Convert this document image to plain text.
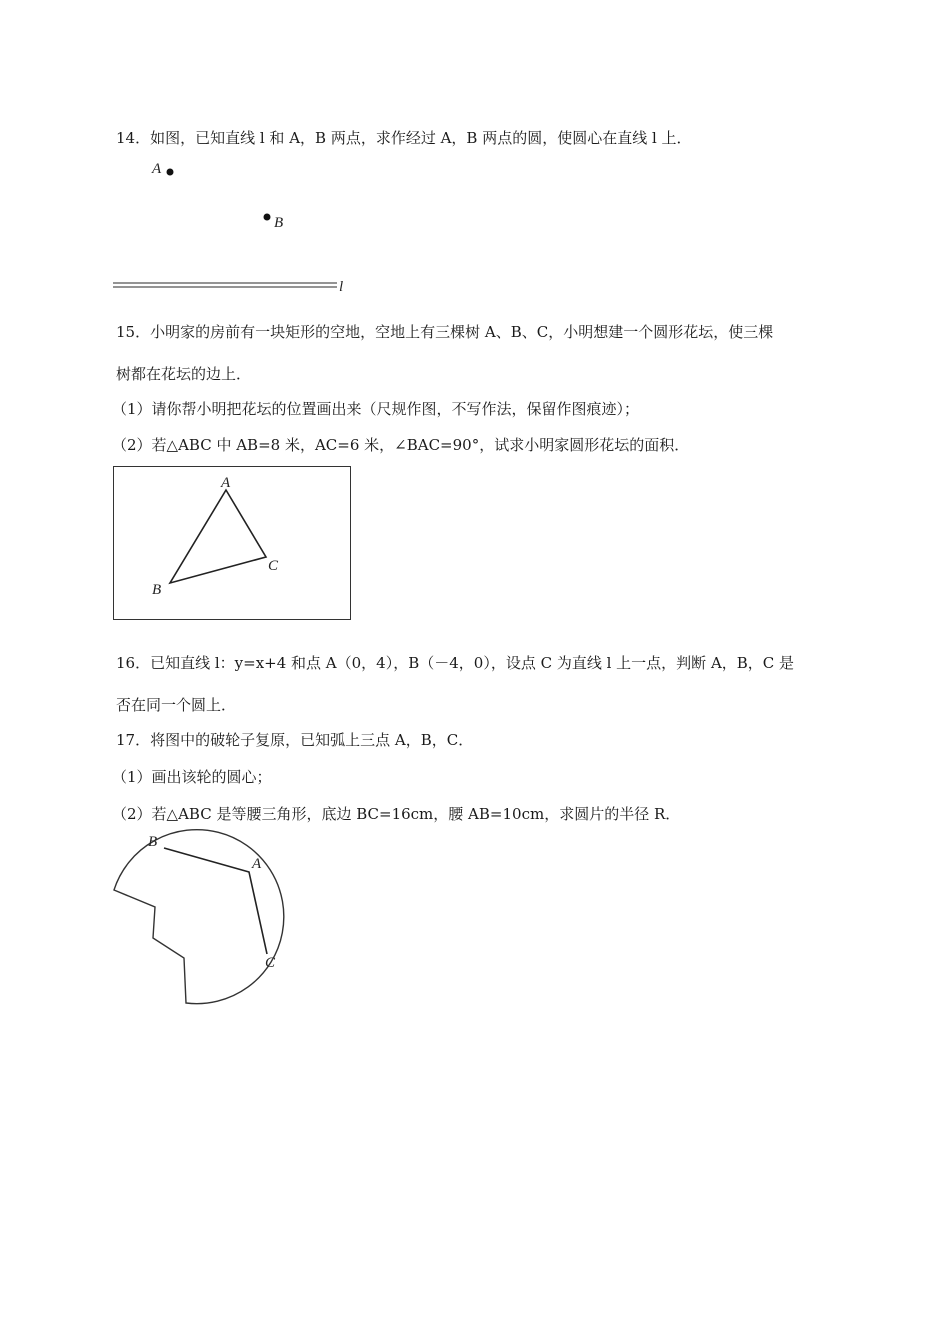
14．如图，已知直线 l 和 A，B 两点，求作经过 A，B 两点的圆，使圆心在直线 l 上．
A
B
l
15．小明家的房前有一块矩形的空地，空地上有三棵树 A、B、C，小明想建一个圆形花坛，使三棵
树都在花坛的边上．
（1）请你帮小明把花坛的位置画出来（尺规作图，不写作法，保留作图痕迹）；
（2）若△ABC 中 AB=8 米，AC=6 米，∠BAC=90°，试求小明家圆形花坛的面积．
A
B
C
16．已知直线 l：y=x+4 和点 A（0，4），B（－4，0），设点 C 为直线 l 上一点，判断 A，B，C 是
否在同一个圆上．
17．将图中的破轮子复原，已知弧上三点 A，B，C．
（1）画出该轮的圆心；
（2）若△ABC 是等腰三角形，底边 BC=16cm，腰 AB=10cm，求圆片的半径 R．
B
A
C
